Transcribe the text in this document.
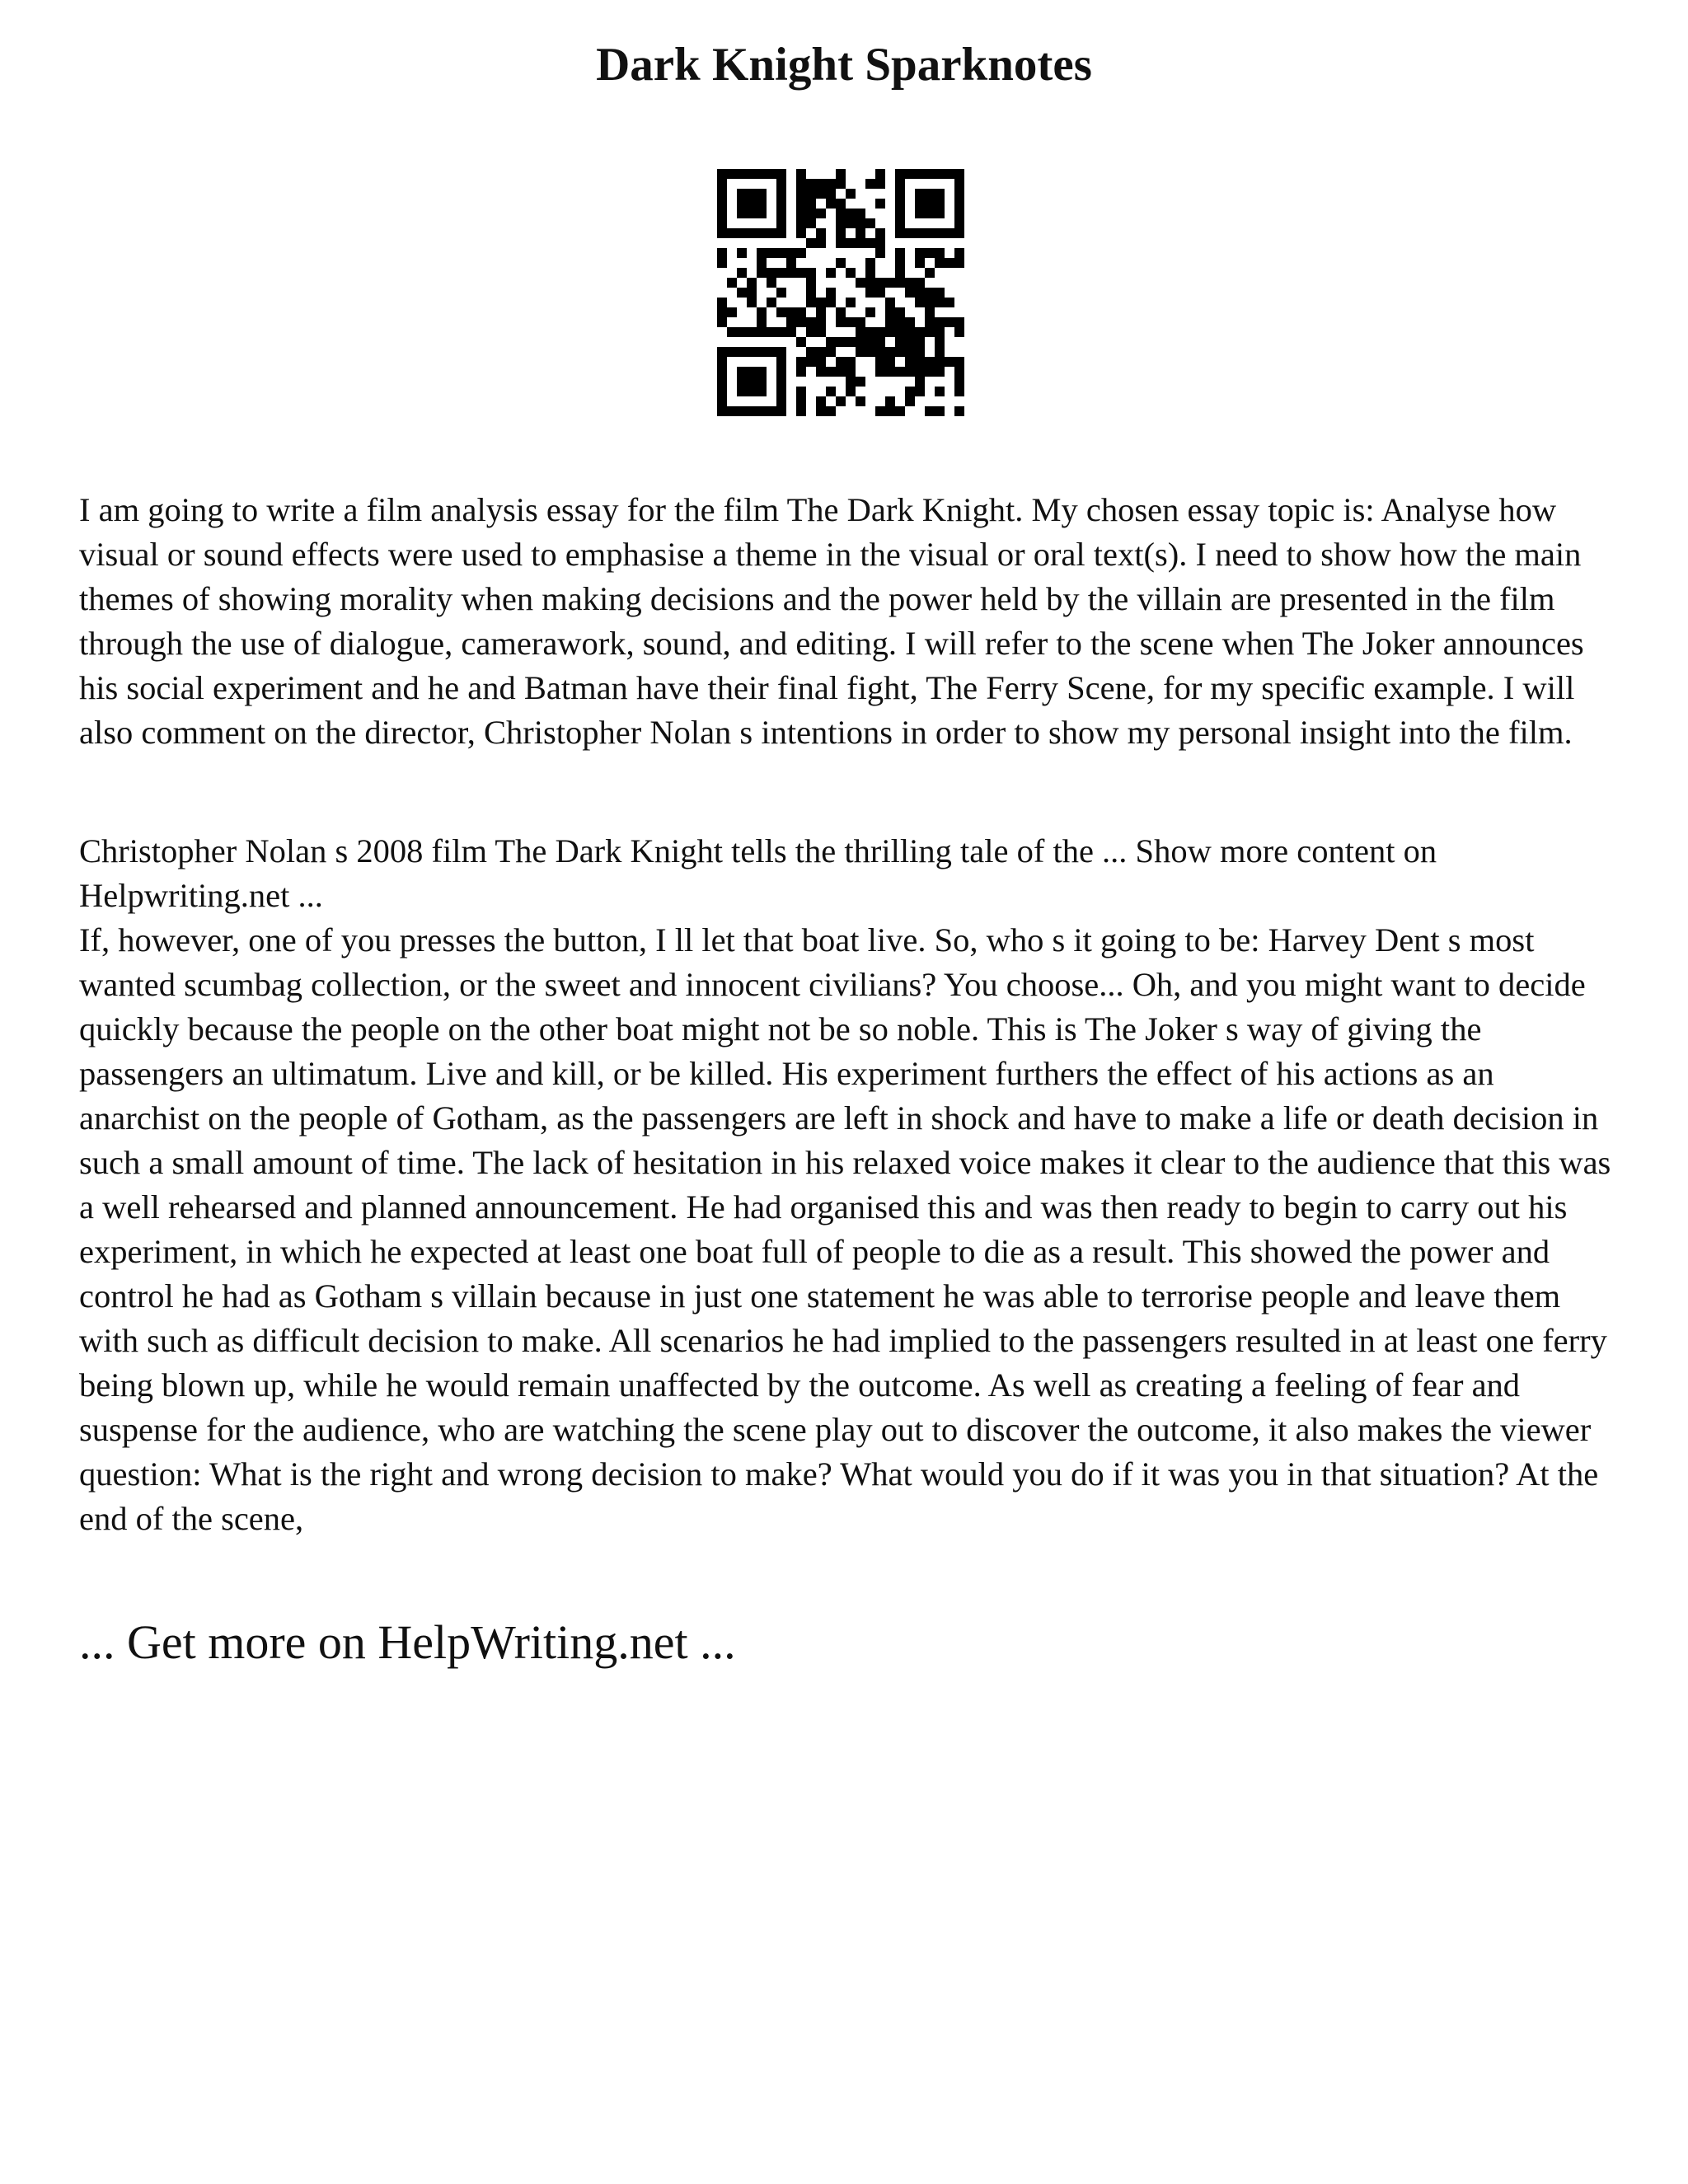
Dark Knight Sparknotes

I am going to write a film analysis essay for the film The Dark Knight. My chosen essay topic is: Analyse how visual or sound effects were used to emphasise a theme in the visual or oral text(s). I need to show how the main themes of showing morality when making decisions and the power held by the villain are presented in the film through the use of dialogue, camerawork, sound, and editing. I will refer to the scene when The Joker announces his social experiment and he and Batman have their final fight, The Ferry Scene, for my specific example. I will also comment on the director, Christopher Nolan s intentions in order to show my personal insight into the film.

Christopher Nolan s 2008 film The Dark Knight tells the thrilling tale of the ... Show more content on Helpwriting.net ...

If, however, one of you presses the button, I ll let that boat live. So, who s it going to be: Harvey Dent s most wanted scumbag collection, or the sweet and innocent civilians? You choose... Oh, and you might want to decide quickly because the people on the other boat might not be so noble. This is The Joker s way of giving the passengers an ultimatum. Live and kill, or be killed. His experiment furthers the effect of his actions as an anarchist on the people of Gotham, as the passengers are left in shock and have to make a life or death decision in such a small amount of time. The lack of hesitation in his relaxed voice makes it clear to the audience that this was a well rehearsed and planned announcement. He had organised this and was then ready to begin to carry out his experiment, in which he expected at least one boat full of people to die as a result. This showed the power and control he had as Gotham s villain because in just one statement he was able to terrorise people and leave them with such as difficult decision to make. All scenarios he had implied to the passengers resulted in at least one ferry being blown up, while he would remain unaffected by the outcome. As well as creating a feeling of fear and suspense for the audience, who are watching the scene play out to discover the outcome, it also makes the viewer question: What is the right and wrong decision to make? What would you do if it was you in that situation? At the end of the scene,

... Get more on HelpWriting.net ...
